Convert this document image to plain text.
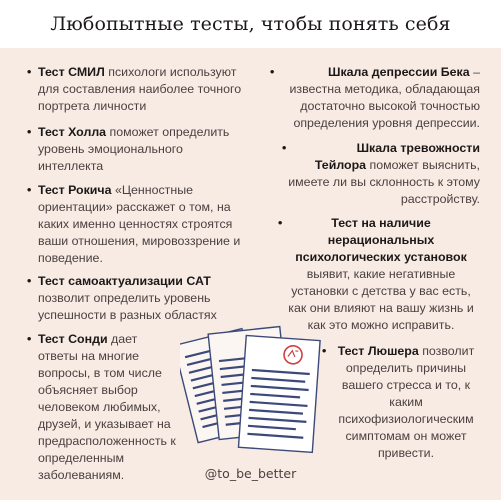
Любопытные тесты, чтобы понять себя
• Тест СМИЛ психологи используют
для составления наиболее точного
портрета личности
• Тест Холла поможет определить
уровень эмоционального
интеллекта
• Тест Рокича «Ценностные
ориентации» расскажет о том, на
каких именно ценностях строятся
ваши отношения, мировоззрение и
поведение.
• Тест самоактуализации САТ
позволит определить уровень
успешности в разных областях
• Тест Сонди дает
ответы на многие
вопросы, в том числе
объясняет выбор
человеком любимых,
друзей, и указывает на
предрасположенность к
определенным
заболеваниям.
•	Шкала депрессии Бека –
известна методика, обладающая
достаточно высокой точностью
определения уровня депрессии.
•	Шкала тревожности
Тейлора поможет выяснить,
имеете ли вы склонность к этому
расстройству.
•	Тест на наличие
нерациональных
психологических установок
выявит, какие негативные
установки с детства у вас есть,
как они влияют на вашу жизнь и
как это можно исправить.
• Тест Люшера позволит
определить причины
вашего стресса и то, к
каким
психофизиологическим
симптомам он может
привести.
@to_be_better
